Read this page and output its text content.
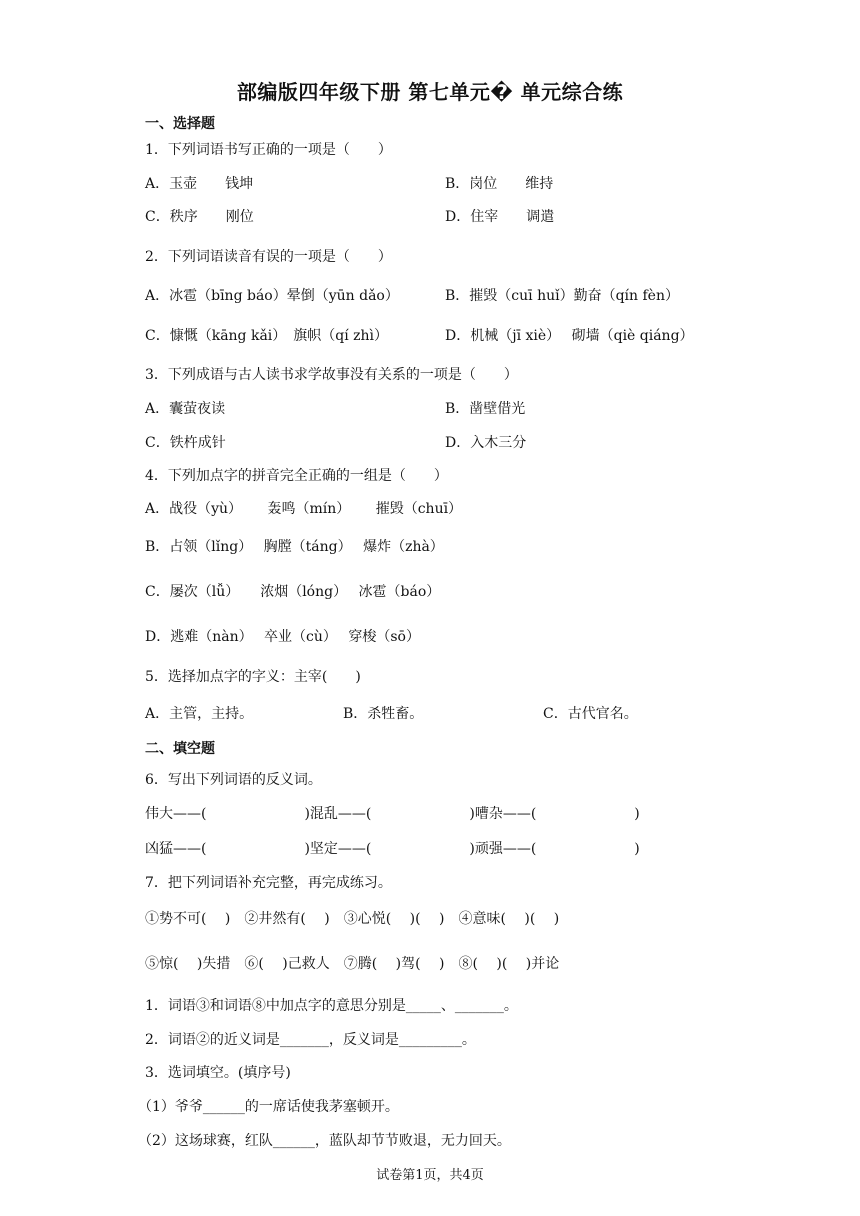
部编版四年级下册 第七单元� 单元综合练
一、选择题
1．下列词语书写正确的一项是（　　）
A．玉壶　　钱坤	B．岗位　　维持
C．秩序　　刚位	D．住宰　　调遣
2．下列词语读音有误的一项是（　　）
A．冰雹（bīng báo）晕倒（yūn dǎo）	B．摧毁（cuī huǐ）勤奋（qín fèn）
C．慷慨（kāng kǎi）　旗帜（qí zhì）	D．机械（jī xiè）　 砌墙（qiè qiáng）
3．下列成语与古人读书求学故事没有关系的一项是（　　）
A．囊萤夜读	B．凿壁借光
C．铁杵成针	D．入木三分
4．下列加点字的拼音完全正确的一组是（　　）
A．战役（yù）　　 轰鸣（mín）　　 摧毁（chuī）
B．占领（lǐng）　 胸膛（táng）　 爆炸（zhà）
C．屡次（lǚ）　　浓烟（lóng）　 冰雹（báo）
D．逃难（nàn）　 卒业（cù）　 穿梭（sō）
5．选择加点字的字义：主宰(　　)
A．主管，主持。	B．杀牲畜。	C．古代官名。
二、填空题
6．写出下列词语的反义词。
伟大——(　　　　　　　)混乱——(　　　　　　　)嘈杂——(　　　　　　　)
凶猛——(　　　　　　　)坚定——(　　　　　　　)顽强——(　　　　　　　)
7．把下列词语补充完整，再完成练习。
①势不可(　 )　②井然有(　 )　③心悦(　 )(　 )　④意味(　 )(　 )
⑤惊(　 )失措　⑥(　 )己救人　⑦腾(　 )驾(　 )　⑧(　 )(　 )并论
1．词语③和词语⑧中加点字的意思分别是_____、_______。
2．词语②的近义词是_______，反义词是_________。
3．选词填空。(填序号)
（1）爷爷______的一席话使我茅塞顿开。
（2）这场球赛，红队______，蓝队却节节败退，无力回天。
试卷第1页，共4页
